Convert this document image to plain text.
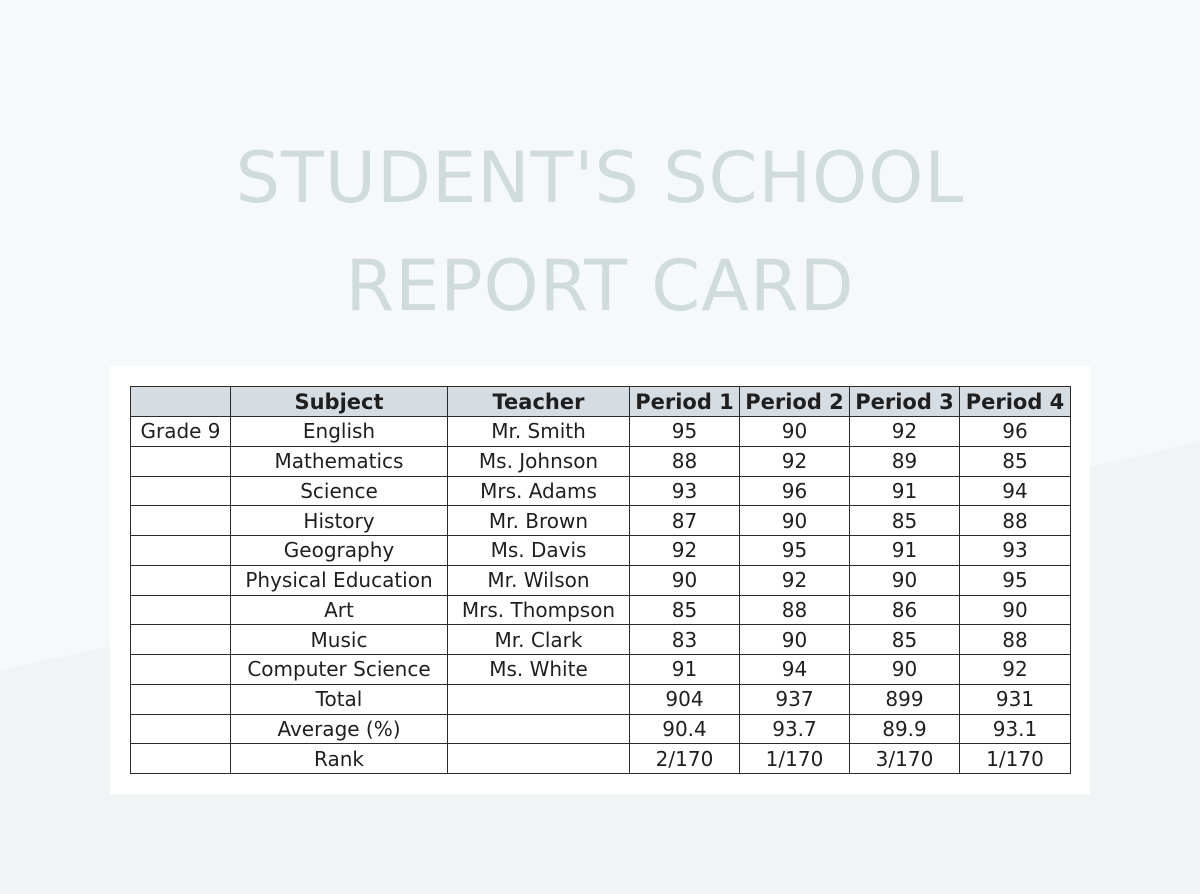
STUDENT'S SCHOOL
REPORT CARD
	Subject	Teacher	Period 1	Period 2	Period 3	Period 4
Grade 9	English	Mr. Smith	95	90	92	96
	Mathematics	Ms. Johnson	88	92	89	85
	Science	Mrs. Adams	93	96	91	94
	History	Mr. Brown	87	90	85	88
	Geography	Ms. Davis	92	95	91	93
	Physical Education	Mr. Wilson	90	92	90	95
	Art	Mrs. Thompson	85	88	86	90
	Music	Mr. Clark	83	90	85	88
	Computer Science	Ms. White	91	94	90	92
	Total		904	937	899	931
	Average (%)		90.4	93.7	89.9	93.1
	Rank		2/170	1/170	3/170	1/170
